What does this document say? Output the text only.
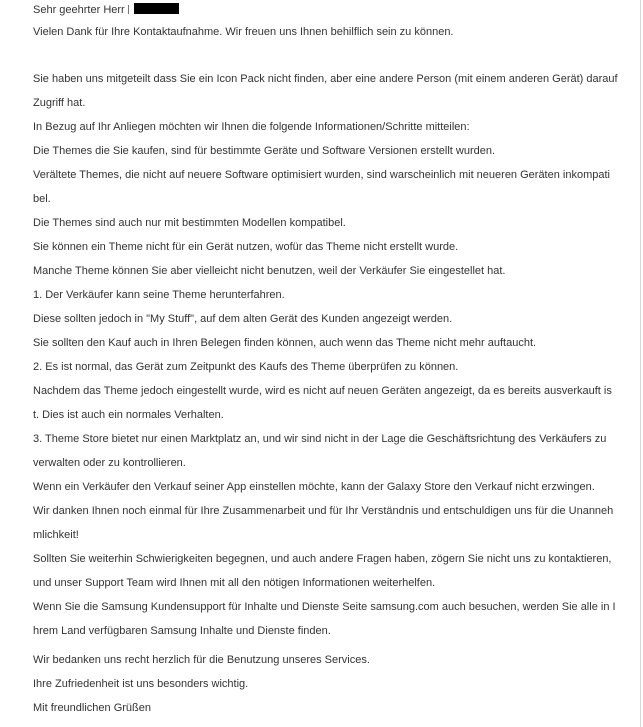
Sehr geehrter Herr
Vielen Dank für Ihre Kontaktaufnahme. Wir freuen uns Ihnen behilflich sein zu können.
Sie haben uns mitgeteilt dass Sie ein Icon Pack nicht finden, aber eine andere Person (mit einem anderen Gerät) darauf
Zugriff hat.
In Bezug auf Ihr Anliegen möchten wir Ihnen die folgende Informationen/Schritte mitteilen:
Die Themes die Sie kaufen, sind für bestimmte Geräte und Software Versionen erstellt wurden.
Verältete Themes, die nicht auf neuere Software optimisiert wurden, sind warscheinlich mit neueren Geräten inkompati
bel.
Die Themes sind auch nur mit bestimmten Modellen kompatibel.
Sie können ein Theme nicht für ein Gerät nutzen, wofür das Theme nicht erstellt wurde.
Manche Theme können Sie aber vielleicht nicht benutzen, weil der Verkäufer Sie eingestellet hat.
1. Der Verkäufer kann seine Theme herunterfahren.
Diese sollten jedoch in "My Stuff", auf dem alten Gerät des Kunden angezeigt werden.
Sie sollten den Kauf auch in Ihren Belegen finden können, auch wenn das Theme nicht mehr auftaucht.
2. Es ist normal, das Gerät zum Zeitpunkt des Kaufs des Theme überprüfen zu können.
Nachdem das Theme jedoch eingestellt wurde, wird es nicht auf neuen Geräten angezeigt, da es bereits ausverkauft is
t. Dies ist auch ein normales Verhalten.
3. Theme Store bietet nur einen Marktplatz an, und wir sind nicht in der Lage die Geschäftsrichtung des Verkäufers zu
verwalten oder zu kontrollieren.
Wenn ein Verkäufer den Verkauf seiner App einstellen möchte, kann der Galaxy Store den Verkauf nicht erzwingen.
Wir danken Ihnen noch einmal für Ihre Zusammenarbeit und für Ihr Verständnis und entschuldigen uns für die Unanneh
mlichkeit!
Sollten Sie weiterhin Schwierigkeiten begegnen, und auch andere Fragen haben, zögern Sie nicht uns zu kontaktieren,
und unser Support Team wird Ihnen mit all den nötigen Informationen weiterhelfen.
Wenn Sie die Samsung Kundensupport für Inhalte und Dienste Seite samsung.com auch besuchen, werden Sie alle in I
hrem Land verfügbaren Samsung Inhalte und Dienste finden.
Wir bedanken uns recht herzlich für die Benutzung unseres Services.
Ihre Zufriedenheit ist uns besonders wichtig.
Mit freundlichen Grüßen
